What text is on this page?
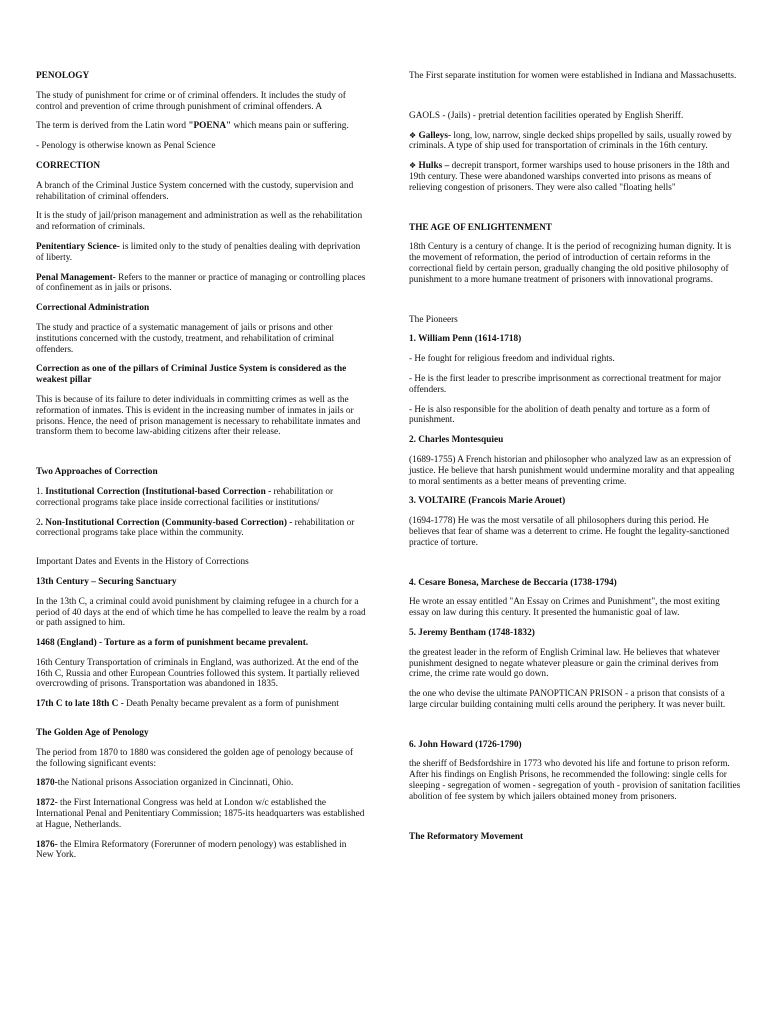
PENOLOGY

The study of punishment for crime or of criminal offenders. It includes the study of control and prevention of crime through punishment of criminal offenders. A

The term is derived from the Latin word "POENA" which means pain or suffering.

- Penology is otherwise known as Penal Science

CORRECTION

A branch of the Criminal Justice System concerned with the custody, supervision and rehabilitation of criminal offenders.

It is the study of jail/prison management and administration as well as the rehabilitation and reformation of criminals.

Penitentiary Science- is limited only to the study of penalties dealing with deprivation of liberty.

Penal Management- Refers to the manner or practice of managing or controlling places of confinement as in jails or prisons.

Correctional Administration

The study and practice of a systematic management of jails or prisons and other institutions concerned with the custody, treatment, and rehabilitation of criminal offenders.

Correction as one of the pillars of Criminal Justice System is considered as the weakest pillar

This is because of its failure to deter individuals in committing crimes as well as the reformation of inmates. This is evident in the increasing number of inmates in jails or prisons. Hence, the need of prison management is necessary to rehabilitate inmates and transform them to become law-abiding citizens after their release.

Two Approaches of Correction

1. Institutional Correction (Institutional-based Correction - rehabilitation or correctional programs take place inside correctional facilities or institutions/

2. Non-Institutional Correction (Community-based Correction) - rehabilitation or correctional programs take place within the community.

Important Dates and Events in the History of Corrections

13th Century – Securing Sanctuary

In the 13th C, a criminal could avoid punishment by claiming refugee in a church for a period of 40 days at the end of which time he has compelled to leave the realm by a road or path assigned to him.

1468 (England) - Torture as a form of punishment became prevalent.

16th Century Transportation of criminals in England, was authorized. At the end of the 16th C, Russia and other European Countries followed this system. It partially relieved overcrowding of prisons. Transportation was abandoned in 1835.

17th C to late 18th C - Death Penalty became prevalent as a form of punishment

The Golden Age of Penology

The period from 1870 to 1880 was considered the golden age of penology because of the following significant events:

1870-the National prisons Association organized in Cincinnati, Ohio.

1872- the First International Congress was held at London w/c established the International Penal and Penitentiary Commission; 1875-its headquarters was established at Hague, Netherlands.

1876- the Elmira Reformatory (Forerunner of modern penology) was established in New York.

The First separate institution for women were established in Indiana and Massachusetts.

GAOLS - (Jails) - pretrial detention facilities operated by English Sheriff.

❖ Galleys- long, low, narrow, single decked ships propelled by sails, usually rowed by criminals. A type of ship used for transportation of criminals in the 16th century.

❖ Hulks – decrepit transport, former warships used to house prisoners in the 18th and 19th century. These were abandoned warships converted into prisons as means of relieving congestion of prisoners. They were also called "floating hells"

THE AGE OF ENLIGHTENMENT

18th Century is a century of change. It is the period of recognizing human dignity. It is the movement of reformation, the period of introduction of certain reforms in the correctional field by certain person, gradually changing the old positive philosophy of punishment to a more humane treatment of prisoners with innovational programs.

The Pioneers

1. William Penn (1614-1718)

- He fought for religious freedom and individual rights.

- He is the first leader to prescribe imprisonment as correctional treatment for major offenders.

- He is also responsible for the abolition of death penalty and torture as a form of punishment.

2. Charles Montesquieu

(1689-1755) A French historian and philosopher who analyzed law as an expression of justice. He believe that harsh punishment would undermine morality and that appealing to moral sentiments as a better means of preventing crime.

3. VOLTAIRE (Francois Marie Arouet)

(1694-1778) He was the most versatile of all philosophers during this period. He believes that fear of shame was a deterrent to crime. He fought the legality-sanctioned practice of torture.

4. Cesare Bonesa, Marchese de Beccaria (1738-1794)

He wrote an essay entitled "An Essay on Crimes and Punishment", the most exiting essay on law during this century. It presented the humanistic goal of law.

5. Jeremy Bentham (1748-1832)

the greatest leader in the reform of English Criminal law. He believes that whatever punishment designed to negate whatever pleasure or gain the criminal derives from crime, the crime rate would go down.

the one who devise the ultimate PANOPTICAN PRISON - a prison that consists of a large circular building containing multi cells around the periphery. It was never built.

6. John Howard (1726-1790)

the sheriff of Bedsfordshire in 1773 who devoted his life and fortune to prison reform. After his findings on English Prisons, he recommended the following: single cells for sleeping - segregation of women - segregation of youth - provision of sanitation facilities abolition of fee system by which jailers obtained money from prisoners.

The Reformatory Movement
